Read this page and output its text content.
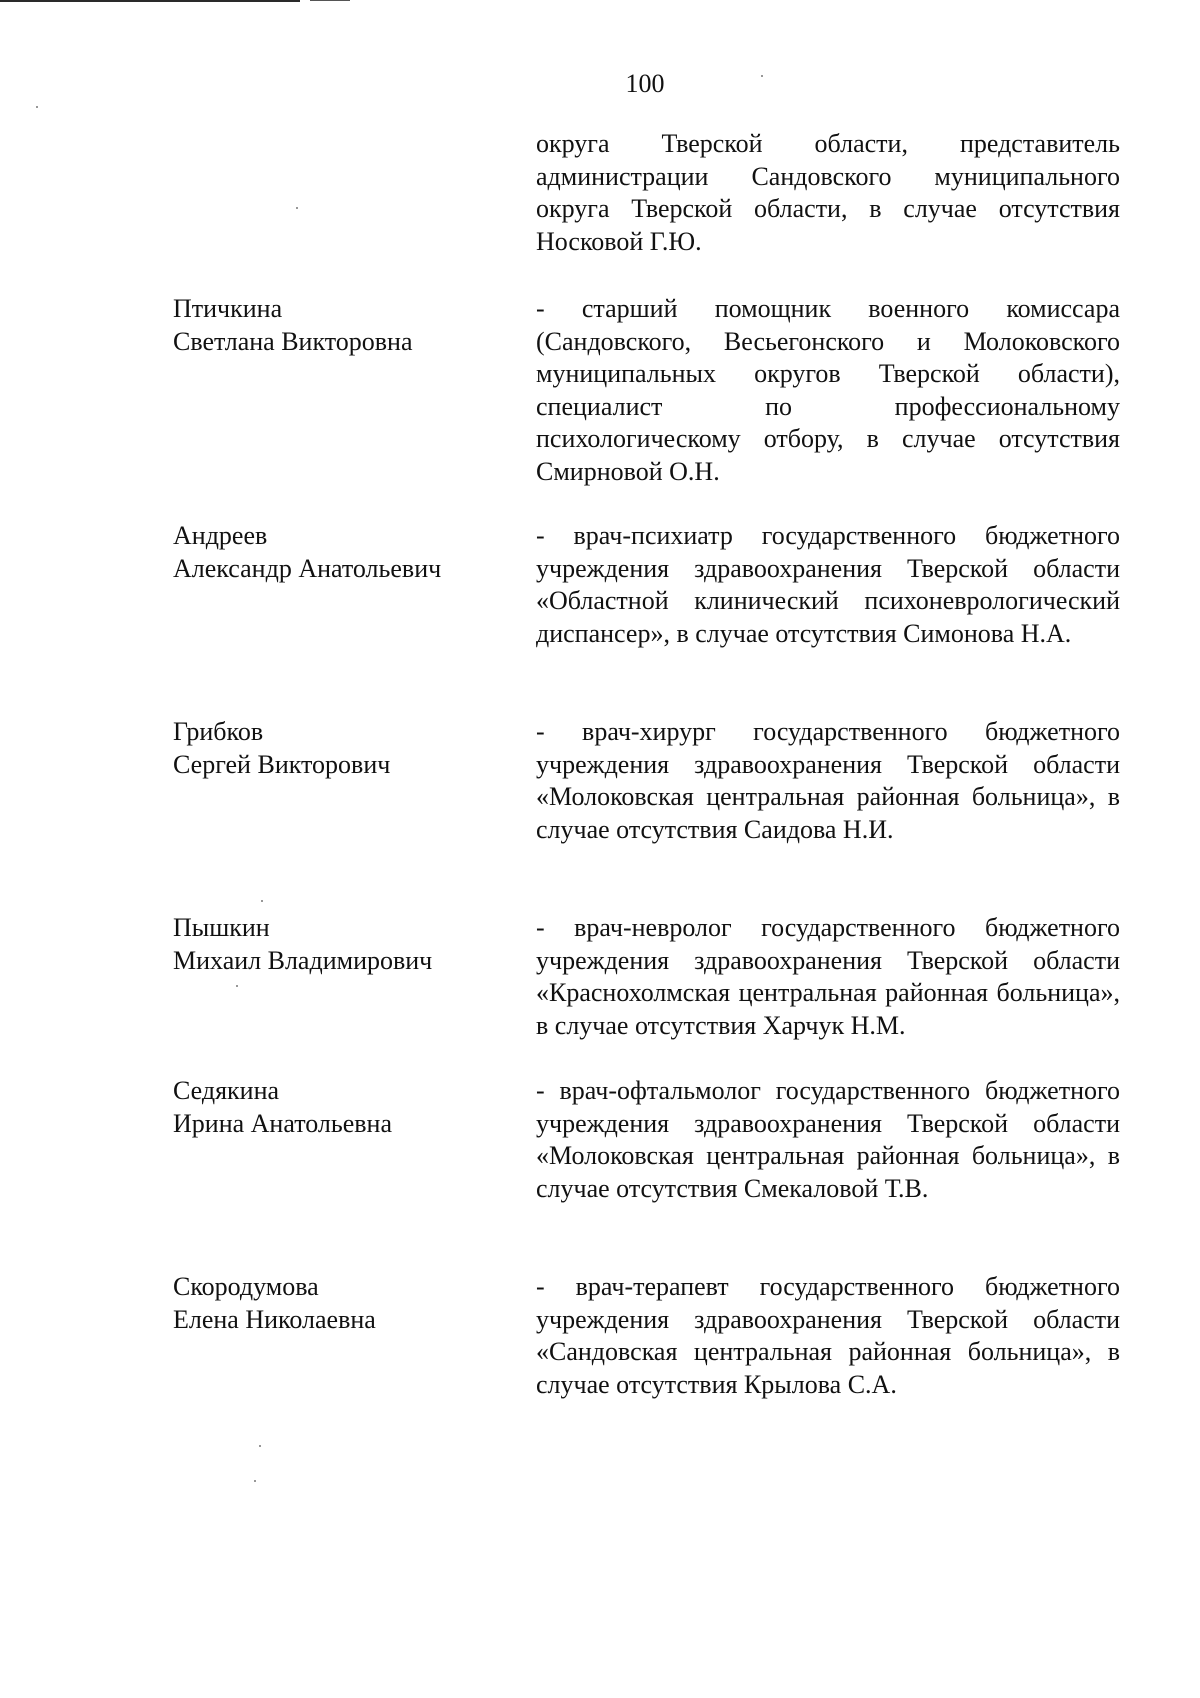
100
округа Тверской области, представитель администрации Сандовского муниципального округа Тверской области, в случае отсутствия Носковой Г.Ю.
Птичкина
Светлана Викторовна
- старший помощник военного комиссара (Сандовского, Весьегонского и Молоковского муниципальных округов Тверской области), специалист по профессиональному психологическому отбору, в случае отсутствия Смирновой О.Н.
Андреев
Александр Анатольевич
- врач-психиатр государственного бюджетного учреждения здравоохранения Тверской области «Областной клинический психоневрологический диспансер», в случае отсутствия Симонова Н.А.
Грибков
Сергей Викторович
- врач-хирург государственного бюджетного учреждения здравоохранения Тверской области «Молоковская центральная районная больница», в случае отсутствия Саидова Н.И.
Пышкин
Михаил Владимирович
- врач-невролог государственного бюджетного учреждения здравоохранения Тверской области «Краснохолмская центральная районная больница», в случае отсутствия Харчук Н.М.
Седякина
Ирина Анатольевна
- врач-офтальмолог государственного бюджетного учреждения здравоохранения Тверской области «Молоковская центральная районная больница», в случае отсутствия Смекаловой Т.В.
Скородумова
Елена Николаевна
- врач-терапевт государственного бюджетного учреждения здравоохранения Тверской области «Сандовская центральная районная больница», в случае отсутствия Крылова С.А.
